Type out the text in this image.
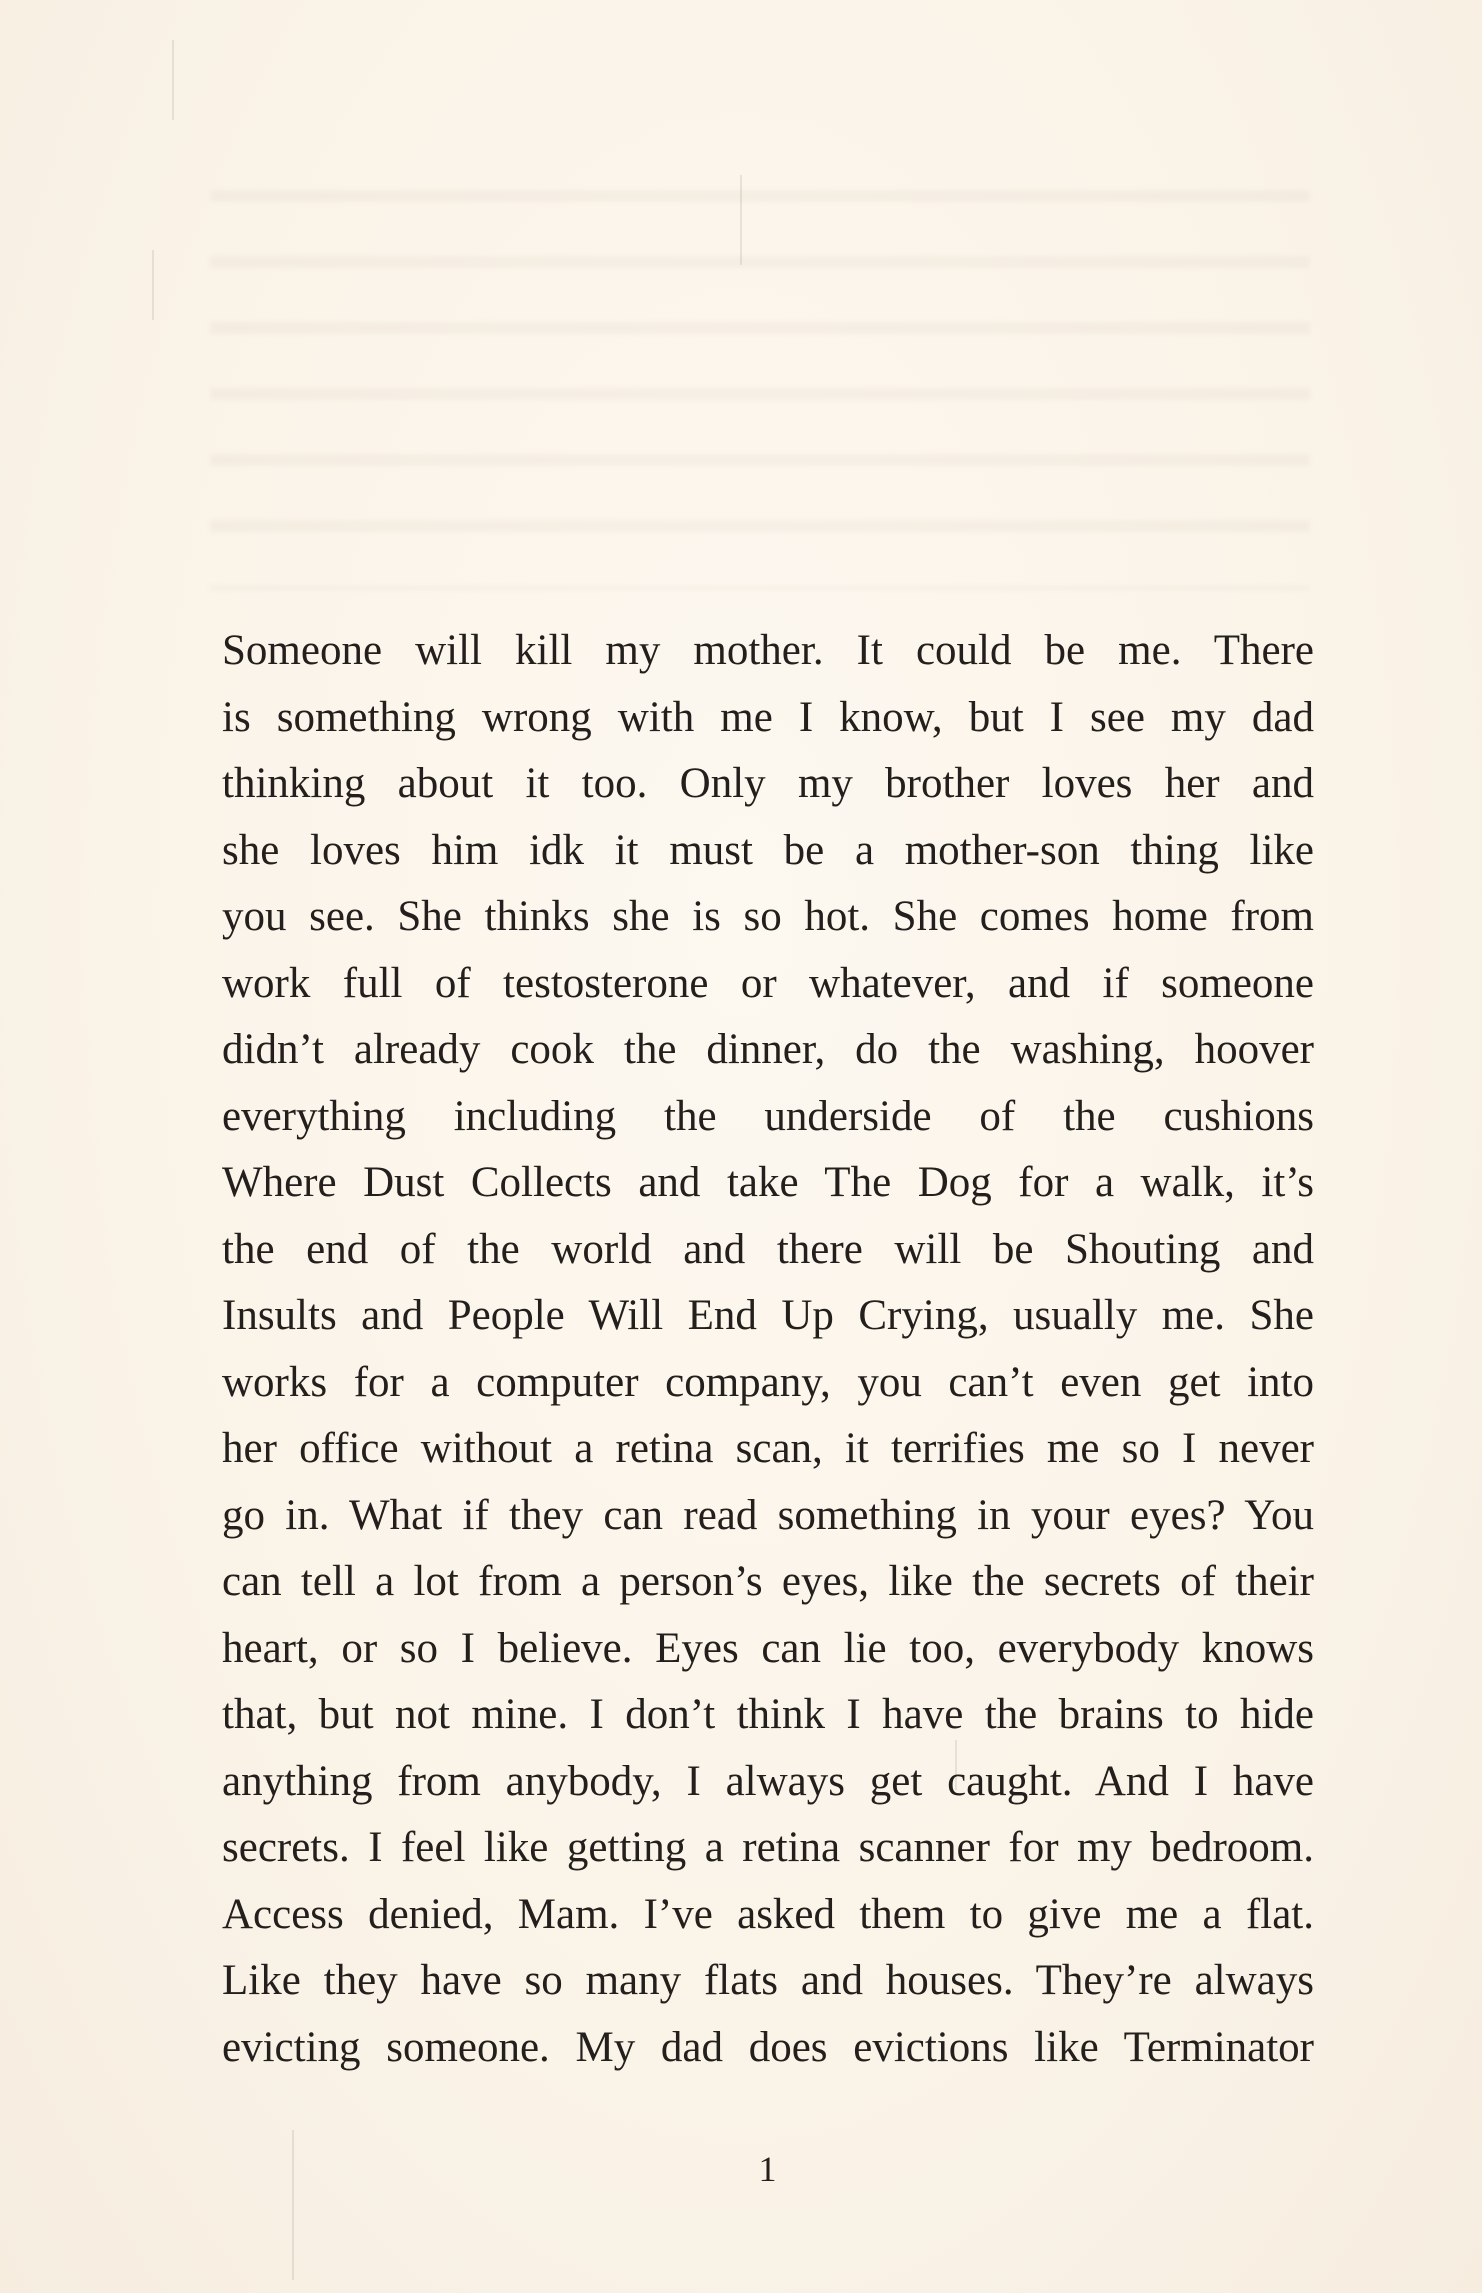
Someone will kill my mother. It could be me. There
is something wrong with me I know, but I see my dad
thinking about it too. Only my brother loves her and
she loves him idk it must be a mother-son thing like
you see. She thinks she is so hot. She comes home from
work full of testosterone or whatever, and if someone
didn’t already cook the dinner, do the washing, hoover
everything including the underside of the cushions
Where Dust Collects and take The Dog for a walk, it’s
the end of the world and there will be Shouting and
Insults and People Will End Up Crying, usually me. She
works for a computer company, you can’t even get into
her office without a retina scan, it terrifies me so I never
go in. What if they can read something in your eyes? You
can tell a lot from a person’s eyes, like the secrets of their
heart, or so I believe. Eyes can lie too, everybody knows
that, but not mine. I don’t think I have the brains to hide
anything from anybody, I always get caught. And I have
secrets. I feel like getting a retina scanner for my bedroom.
Access denied, Mam. I’ve asked them to give me a flat.
Like they have so many flats and houses. They’re always
evicting someone. My dad does evictions like Terminator
1
